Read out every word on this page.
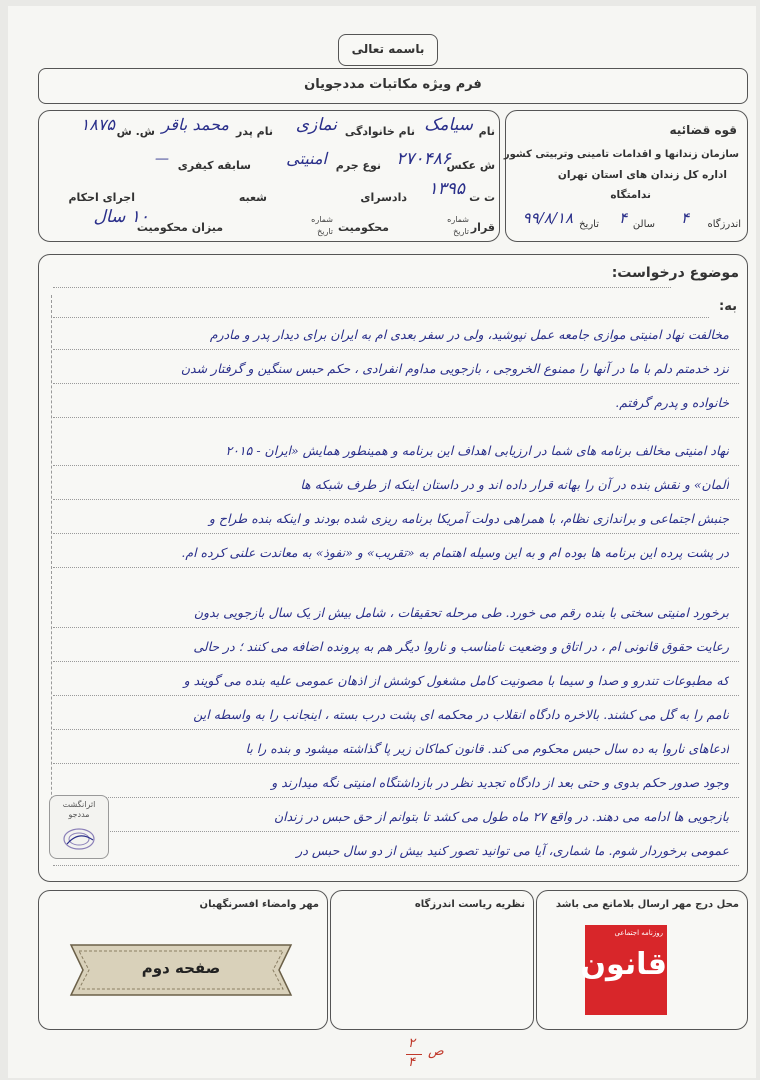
باسمه تعالی
فرم ویژه مکاتبات مددجویان
قوه قضائیه
سازمان زندانها و اقدامات تامینی وتربیتی کشور
اداره کل زندان های استان تهران
ندامتگاه
اندرزگاه
۴
سالن
۴
تاریخ
۹۹/۸/۱۸
نام
سیامک
نام خانوادگی
نمازی
نام پدر
محمد باقر
ش. ش
۱۸۷۵
ش عکس
۲۷۰۴۸۶
نوع جرم
امنیتی
سابقه کیفری
—
ت ت
۱۳۹۵
دادسرای
شعبه
اجرای احکام
قرار
شماره
تاریخ
محکومیت
شماره
تاریخ
میزان محکومیت
۱۰ سال
موضوع درخواست:
به:
مخالفت نهاد امنیتی موازی جامعه عمل نپوشید، ولی در سفر بعدی ام به ایران برای دیدار پدر و مادرم
نزد خدمتم دلم با ما در آنها را ممنوع الخروجی ، بازجویی مداوم انفرادی ، حکم حبس سنگین و گرفتار شدن
خانواده و پدرم گرفتم.
نهاد امنیتی مخالف برنامه های شما در ارزیابی اهداف این برنامه و همینطور همایش «ایران - ۲۰۱۵
آلمان» و نقش بنده در آن را بهانه قرار داده اند و در داستان اینکه از طرف شبکه ها
جنبش اجتماعی و براندازی نظام، با همراهی دولت آمریکا برنامه ریزی شده بودند و اینکه بنده طراح و
در پشت پرده این برنامه ها بوده ام و به این وسیله اهتمام به «تقریب» و «نفوذ» به معاندت علنی کرده ام.
برخورد امنیتی سختی با بنده رقم می خورد. طی مرحله تحقیقات ، شامل بیش از یک سال بازجویی بدون
رعایت حقوق قانونی ام ، در اتاق و وضعیت نامناسب و ناروا دیگر هم به پرونده اضافه می کنند ؛ در حالی
که مطبوعات تندرو و صدا و سیما با مصونیت کامل مشغول کوشش از اذهان عمومی علیه بنده می گویند و
نامم را به گل می کشند. بالاخره دادگاه انقلاب در محکمه ای پشت درب بسته ، اینجانب را به واسطه این
ادعاهای ناروا به ده سال حبس محکوم می کند. قانون کماکان زیر پا گذاشته میشود و بنده را با
وجود صدور حکم بدوی و حتی بعد از دادگاه تجدید نظر در بازداشتگاه امنیتی نگه میدارند و
بازجویی ها ادامه می دهند. در واقع ۲۷ ماه طول می کشد تا بتوانم از حق حبس در زندان
عمومی برخوردار شوم. ما شماری، آیا می توانید تصور کنید بیش از دو سال حبس در
اثرانگشت مددجو
محل درج مهر ارسال بلامانع می باشد
روزنامه اجتماعی
قانون
نظریه ریاست اندرزگاه
مهر وامضاء افسرنگهبان
صفحه دوم
ص
۲
۴
